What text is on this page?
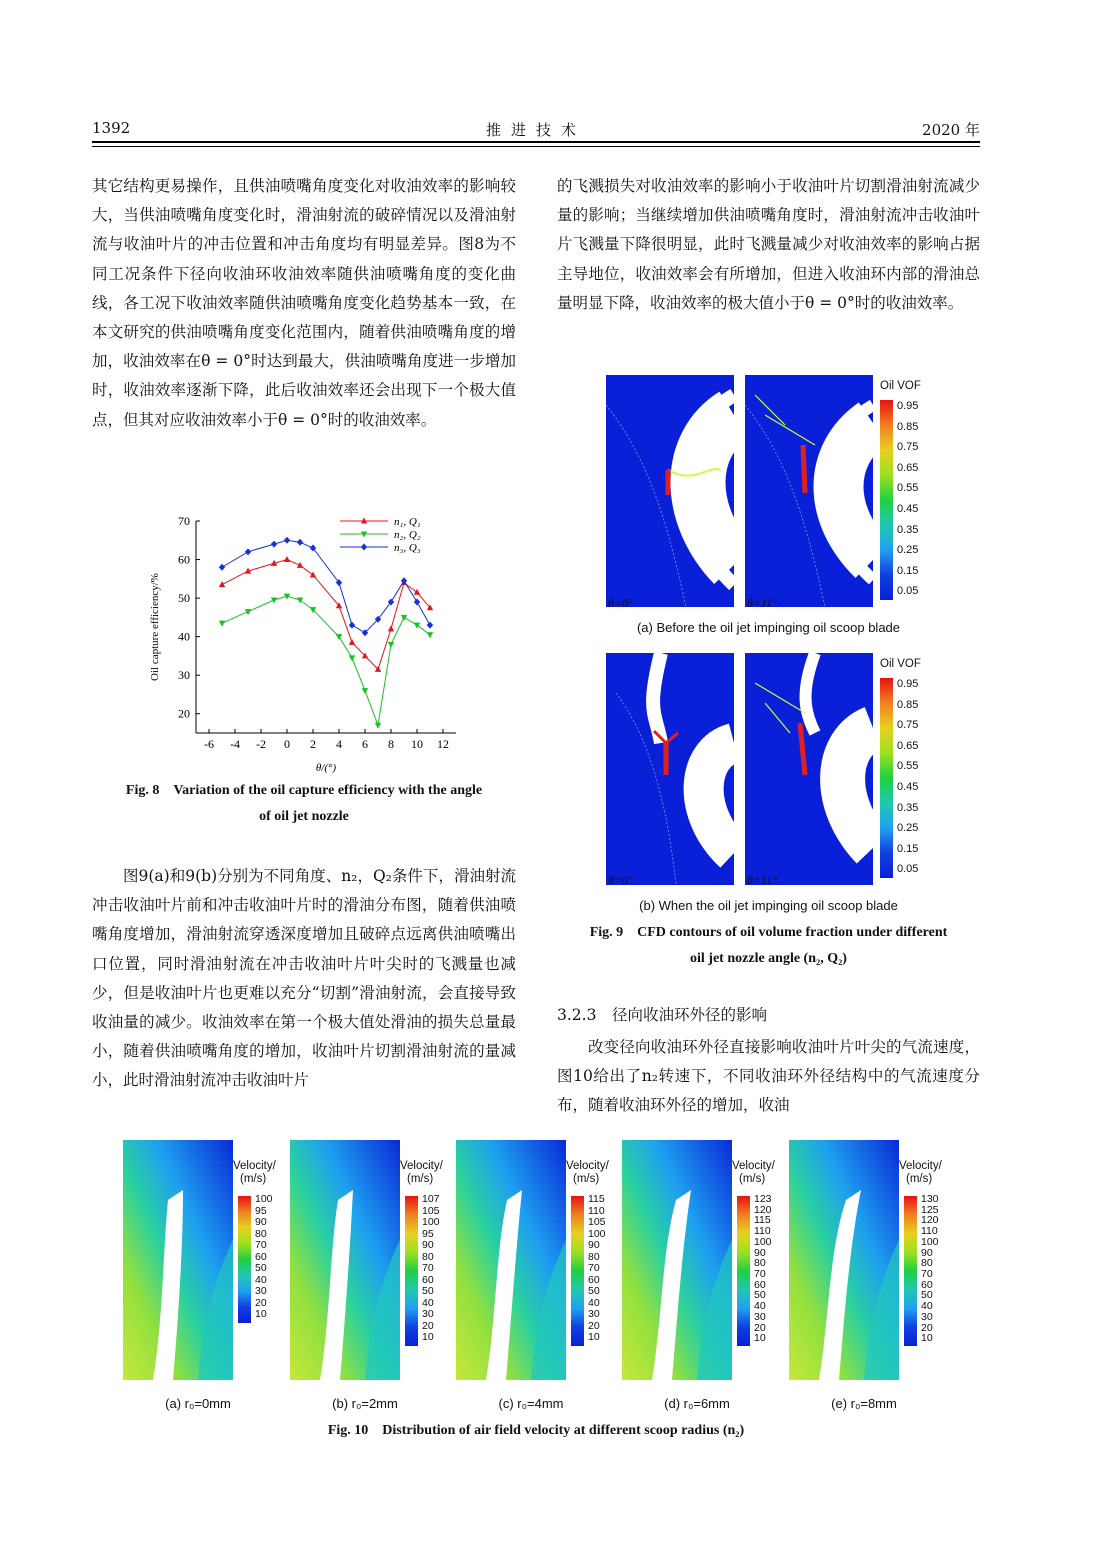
1392	推进技术	2020 年
其它结构更易操作，且供油喷嘴角度变化对收油效率的影响较大，当供油喷嘴角度变化时，滑油射流的破碎情况以及滑油射流与收油叶片的冲击位置和冲击角度均有明显差异。图8为不同工况条件下径向收油环收油效率随供油喷嘴角度的变化曲线，各工况下收油效率随供油喷嘴角度变化趋势基本一致，在本文研究的供油喷嘴角度变化范围内，随着供油喷嘴角度的增加，收油效率在θ = 0°时达到最大，供油喷嘴角度进一步增加时，收油效率逐渐下降，此后收油效率还会出现下一个极大值点，但其对应收油效率小于θ = 0°时的收油效率。
-6 -4 -2 0 2 4 6 8 10 12
20
30
40
50
60
70
θ/(°)
Oil capture efficiency/%
n₁, Q₁
n₂, Q₂
n₃, Q₃
Fig. 8　Variation of the oil capture efficiency with the angle
of oil jet nozzle
图9(a)和9(b)分别为不同角度、n₂，Q₂条件下，滑油射流冲击收油叶片前和冲击收油叶片时的滑油分布图，随着供油喷嘴角度增加，滑油射流穿透深度增加且破碎点远离供油喷嘴出口位置，同时滑油射流在冲击收油叶片叶尖时的飞溅量也减少，但是收油叶片也更难以充分“切割”滑油射流，会直接导致收油量的减少。收油效率在第一个极大值处滑油的损失总量最小，随着供油喷嘴角度的增加，收油叶片切割滑油射流的量减小，此时滑油射流冲击收油叶片
的飞溅损失对收油效率的影响小于收油叶片切割滑油射流减少量的影响；当继续增加供油喷嘴角度时，滑油射流冲击收油叶片飞溅量下降很明显，此时飞溅量减少对收油效率的影响占据主导地位，收油效率会有所增加，但进入收油环内部的滑油总量明显下降，收油效率的极大值小于θ = 0°时的收油效率。
θ=0°	θ=11°
Oil VOF
0.95
0.85
0.75
0.65
0.55
0.45
0.35
0.25
0.15
0.05
(a) Before the oil jet impinging oil scoop blade
θ=0°	θ=11°
Oil VOF
0.95
0.85
0.75
0.65
0.55
0.45
0.35
0.25
0.15
0.05
(b) When the oil jet impinging oil scoop blade
Fig. 9　CFD contours of oil volume fraction under different
oil jet nozzle angle (n₂, Q₂)
3.2.3　径向收油环外径的影响
改变径向收油环外径直接影响收油叶片叶尖的气流速度，图10给出了n₂转速下，不同收油环外径结构中的气流速度分布，随着收油环外径的增加，收油
Velocity/
(m/s)
100
95
90
80
70
60
50
40
30
20
10
(a) r₀=0mm
Velocity/
(m/s)
107
105
100
95
90
80
70
60
50
40
30
20
10
(b) r₀=2mm
Velocity/
(m/s)
115
110
105
100
90
80
70
60
50
40
30
20
10
(c) r₀=4mm
Velocity/
(m/s)
123
120
115
110
100
90
80
70
60
50
40
30
20
10
(d) r₀=6mm
Velocity/
(m/s)
130
125
120
110
100
90
80
70
60
50
40
30
20
10
(e) r₀=8mm
Fig. 10　Distribution of air field velocity at different scoop radius (n₂)
